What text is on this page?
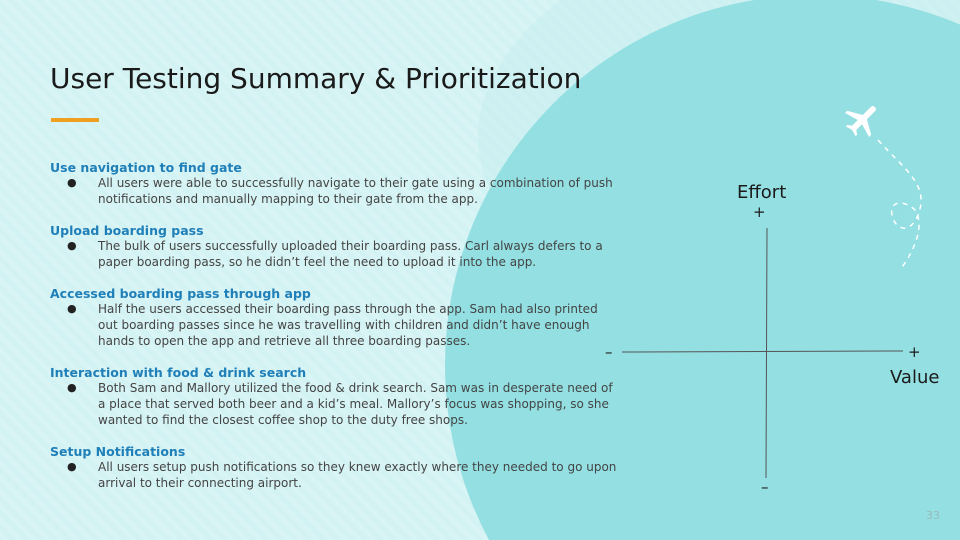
User Testing Summary & Prioritization
Use navigation to find gate
● All users were able to successfully navigate to their gate using a combination of push notifications and manually mapping to their gate from the app.
Upload boarding pass
● The bulk of users successfully uploaded their boarding pass. Carl always defers to a paper boarding pass, so he didn’t feel the need to upload it into the app.
Accessed boarding pass through app
● Half the users accessed their boarding pass through the app. Sam had also printed out boarding passes since he was travelling with children and didn’t have enough hands to open the app and retrieve all three boarding passes.
Interaction with food & drink search
● Both Sam and Mallory utilized the food & drink search. Sam was in desperate need of a place that served both beer and a kid’s meal. Mallory’s focus was shopping, so she wanted to find the closest coffee shop to the duty free shops.
Setup Notifications
● All users setup push notifications so they knew exactly where they needed to go upon arrival to their connecting airport.
Effort
+
–
–	+
Value
33
